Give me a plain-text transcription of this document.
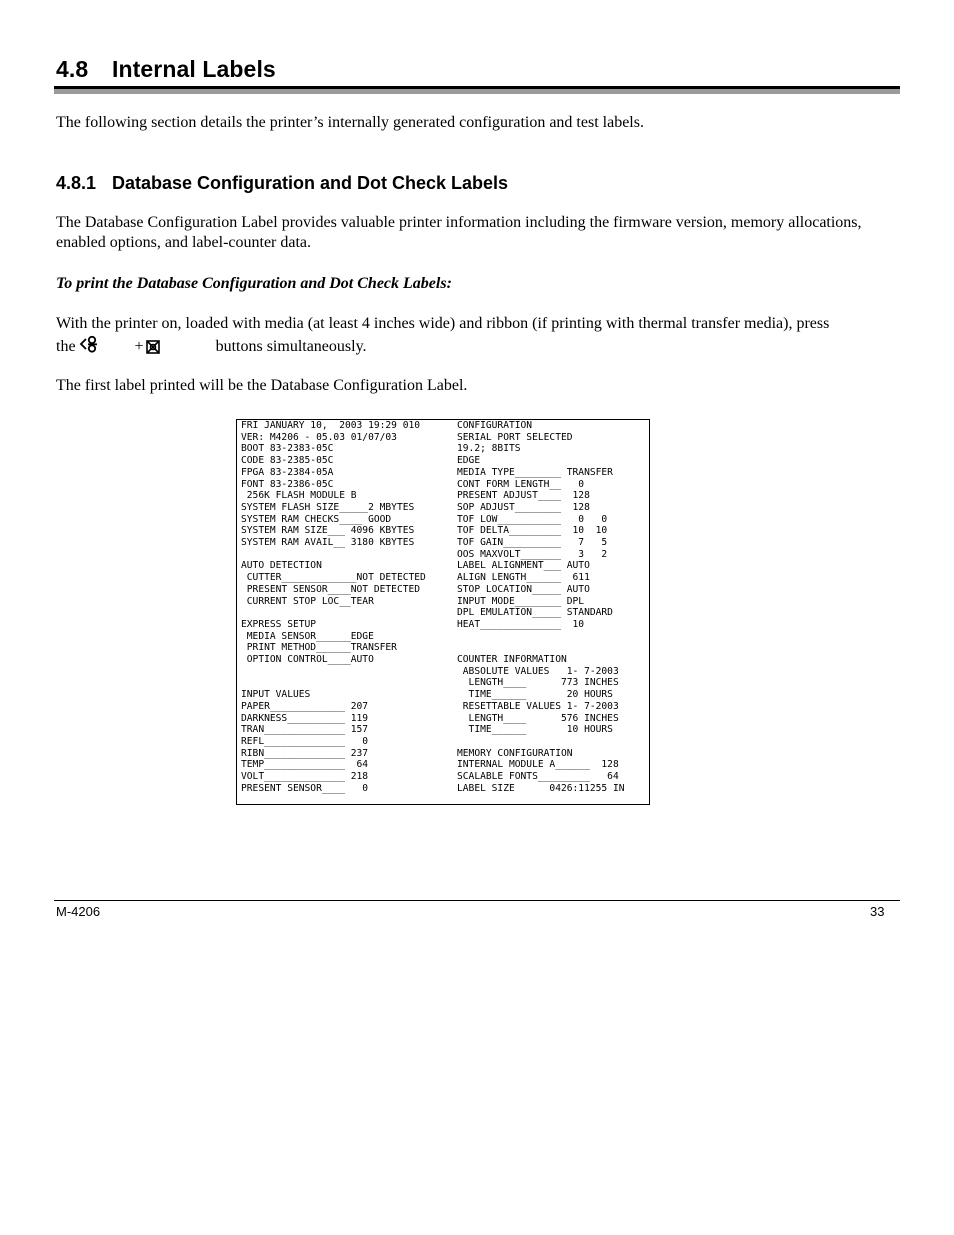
4.8 Internal Labels

The following section details the printer’s internally generated configuration and test labels.

4.8.1 Database Configuration and Dot Check Labels

The Database Configuration Label provides valuable printer information including the firmware version, memory allocations, enabled options, and label-counter data.

To print the Database Configuration and Dot Check Labels:

With the printer on, loaded with media (at least 4 inches wide) and ribbon (if printing with thermal transfer media), press
the	+	buttons simultaneously.

The first label printed will be the Database Configuration Label.

FRI JANUARY 10,  2003 19:29 010
VER: M4206 - 05.03 01/07/03
BOOT 83-2383-05C
CODE 83-2385-05C
FPGA 83-2384-05A
FONT 83-2386-05C
256K FLASH MODULE B
SYSTEM FLASH SIZE_____2 MBYTES
SYSTEM RAM CHECKS____ GOOD
SYSTEM RAM SIZE___ 4096 KBYTES
SYSTEM RAM AVAIL__ 3180 KBYTES

AUTO DETECTION
CUTTER_____________NOT DETECTED
PRESENT SENSOR____NOT DETECTED
CURRENT STOP LOC__TEAR

EXPRESS SETUP
MEDIA SENSOR______EDGE
PRINT METHOD______TRANSFER
OPTION CONTROL____AUTO

INPUT VALUES
PAPER_____________ 207
DARKNESS__________ 119
TRAN______________ 157
REFL______________   0
RIBN______________ 237
TEMP______________  64
VOLT______________ 218
PRESENT SENSOR____   0
CONFIGURATION
SERIAL PORT SELECTED
19.2; 8BITS
EDGE
MEDIA TYPE________ TRANSFER
CONT FORM LENGTH__   0
PRESENT ADJUST____  128
SOP ADJUST________  128
TOF LOW___________   0   0
TOF DELTA_________  10  10
TOF GAIN__________   7   5
OOS MAXVOLT_______   3   2
LABEL ALIGNMENT___ AUTO
ALIGN LENGTH______  611
STOP LOCATION_____ AUTO
INPUT MODE________ DPL
DPL EMULATION_____ STANDARD
HEAT______________  10

COUNTER INFORMATION
ABSOLUTE VALUES   1- 7-2003
LENGTH____      773 INCHES
TIME______       20 HOURS
RESETTABLE VALUES 1- 7-2003
LENGTH____      576 INCHES
TIME______       10 HOURS

MEMORY CONFIGURATION
INTERNAL MODULE A______  128
SCALABLE FONTS_________   64
LABEL SIZE      0426:11255 IN
M-4206	33
